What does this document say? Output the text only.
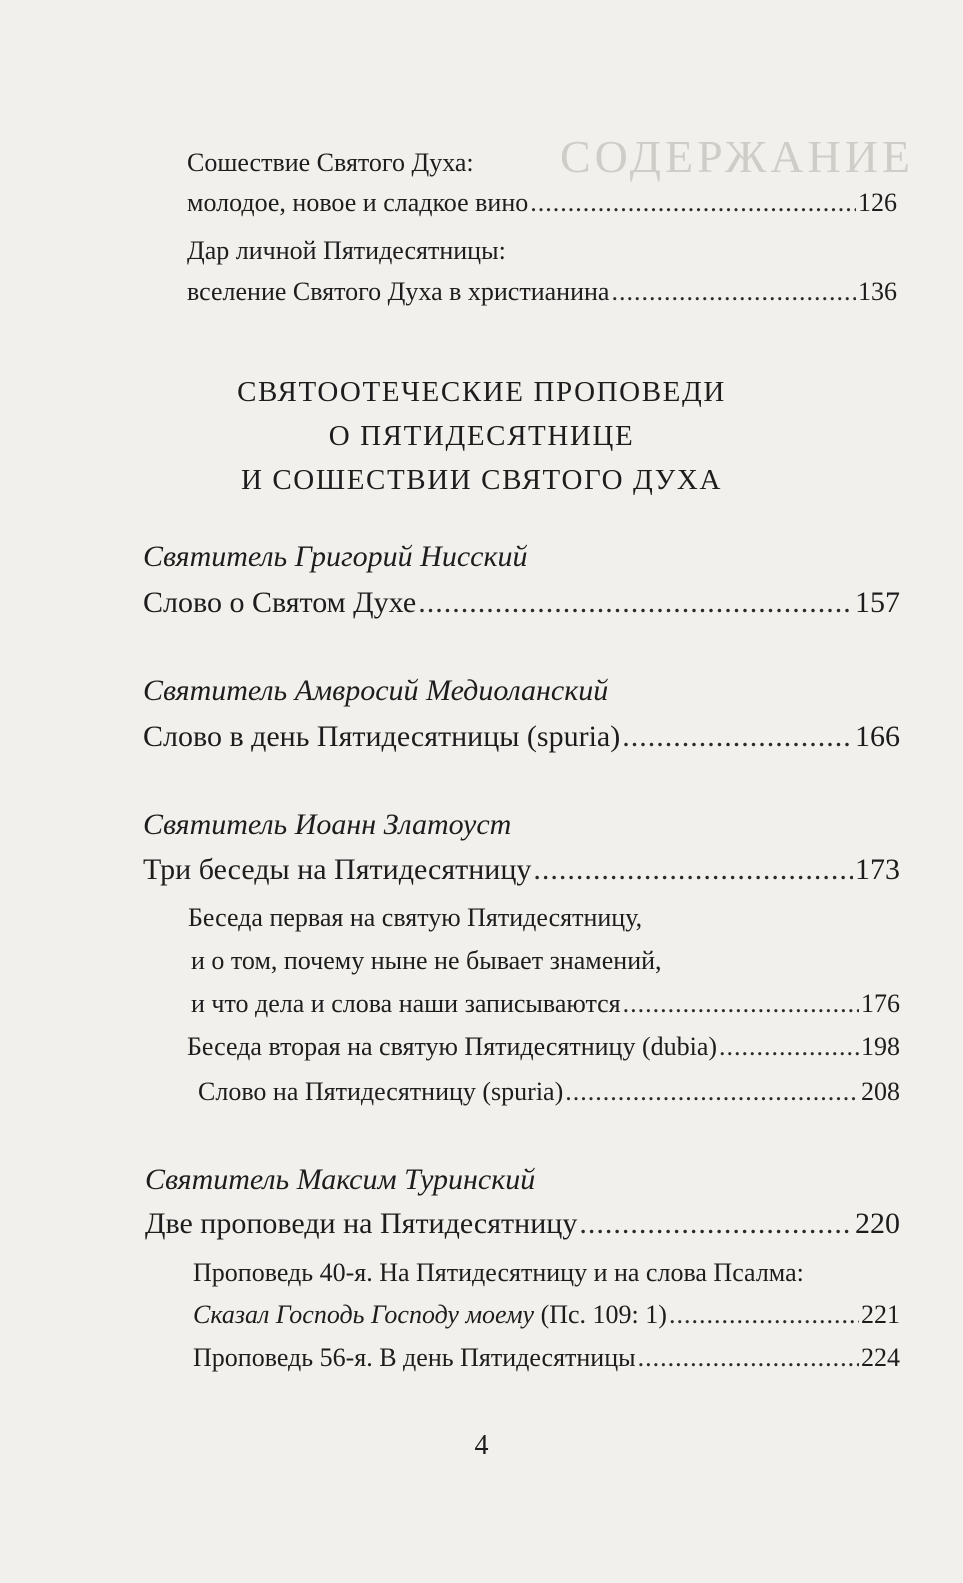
СОДЕРЖАНИЕ
Сошествие Святого Духа:
молодое, новое и сладкое вино .....	126
Дар личной Пятидесятницы:
вселение Святого Духа в христианина .....	136
СВЯТООТЕЧЕСКИЕ ПРОПОВЕДИ
О ПЯТИДЕСЯТНИЦЕ
И СОШЕСТВИИ СВЯТОГО ДУХА
Святитель Григорий Нисский
Слово о Святом Духе .....	157
Святитель Амвросий Медиоланский
Слово в день Пятидесятницы (spuria) .....	166
Святитель Иоанн Златоуст
Три беседы на Пятидесятницу .....	173
Беседа первая на святую Пятидесятницу,
и о том, почему ныне не бывает знамений,
и что дела и слова наши записываются .....	176
Беседа вторая на святую Пятидесятницу (dubia) .....	198
Слово на Пятидесятницу (spuria) .....	208
Святитель Максим Туринский
Две проповеди на Пятидесятницу .....	220
Проповедь 40-я. На Пятидесятницу и на слова Псалма:
Сказал Господь Господу моему (Пс. 109: 1) .....	221
Проповедь 56-я. В день Пятидесятницы .....	224
4
